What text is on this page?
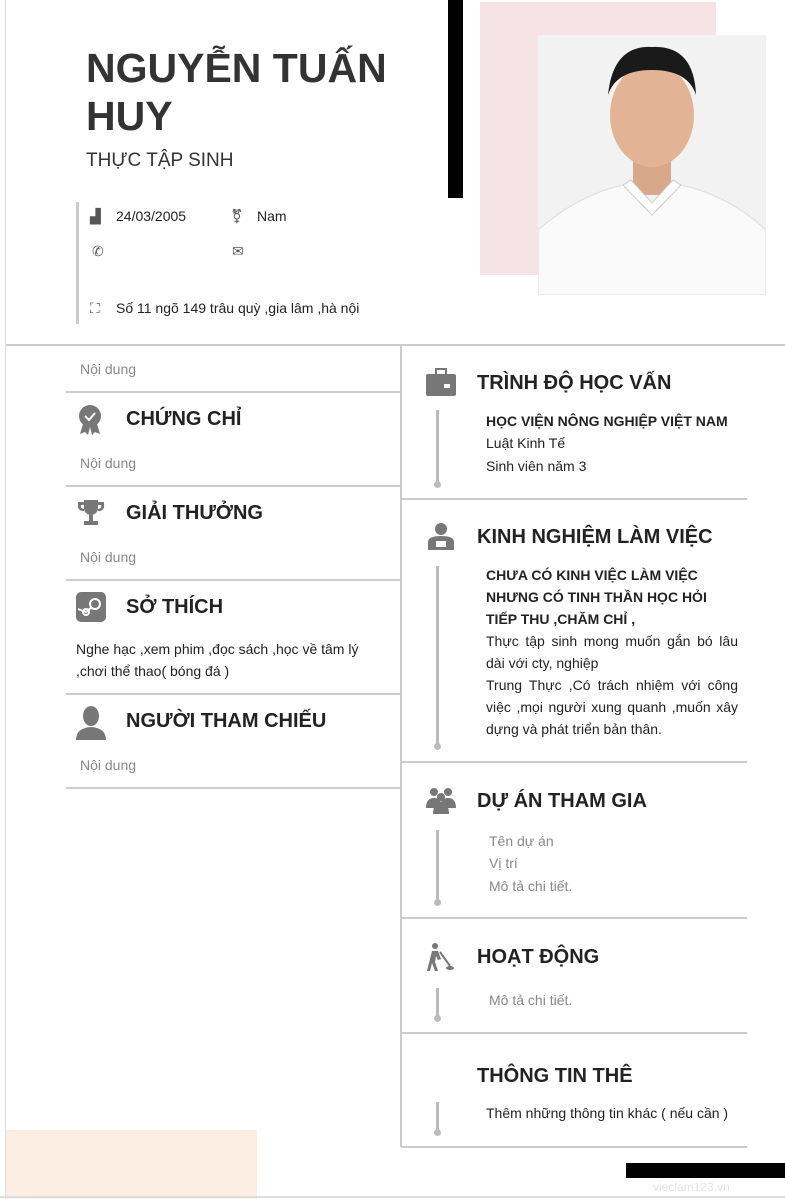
NGUYỄN TUẤN HUY
THỰC TẬP SINH
▟	24/03/2005	⚧	Nam
✆	✉
⛶	Số 11 ngõ 149 trâu quỳ ,gia lâm ,hà nội
Nội dung
CHỨNG CHỈ
Nội dung
GIẢI THƯỞNG
Nội dung
SỞ THÍCH
Nghe hạc ,xem phim ,đọc sách ,học về tâm lý ,chơi thể thao( bóng đá )
NGƯỜI THAM CHIẾU
Nội dung
TRÌNH ĐỘ HỌC VẤN
HỌC VIỆN NÔNG NGHIỆP VIỆT NAM
Luật Kinh Tế
Sinh viên năm 3
KINH NGHIỆM LÀM VIỆC
CHƯA CÓ KINH VIỆC LÀM VIỆC NHƯNG CÓ TINH THẦN HỌC HỎI TIẾP THU ,CHĂM CHỈ ,
Thực tập sinh mong muốn gắn bó lâu dài với cty, nghiệp
Trung Thực ,Có trách nhiệm với công việc ,mọi người xung quanh ,muốn xây dựng và phát triển bản thân.
DỰ ÁN THAM GIA
Tên dự án
Vị trí
Mô tả chi tiết.
HOẠT ĐỘNG
Mô tả chi tiết.
THÔNG TIN THÊ
Thêm những thông tin khác ( nếu cần )
vieclam123.vn
